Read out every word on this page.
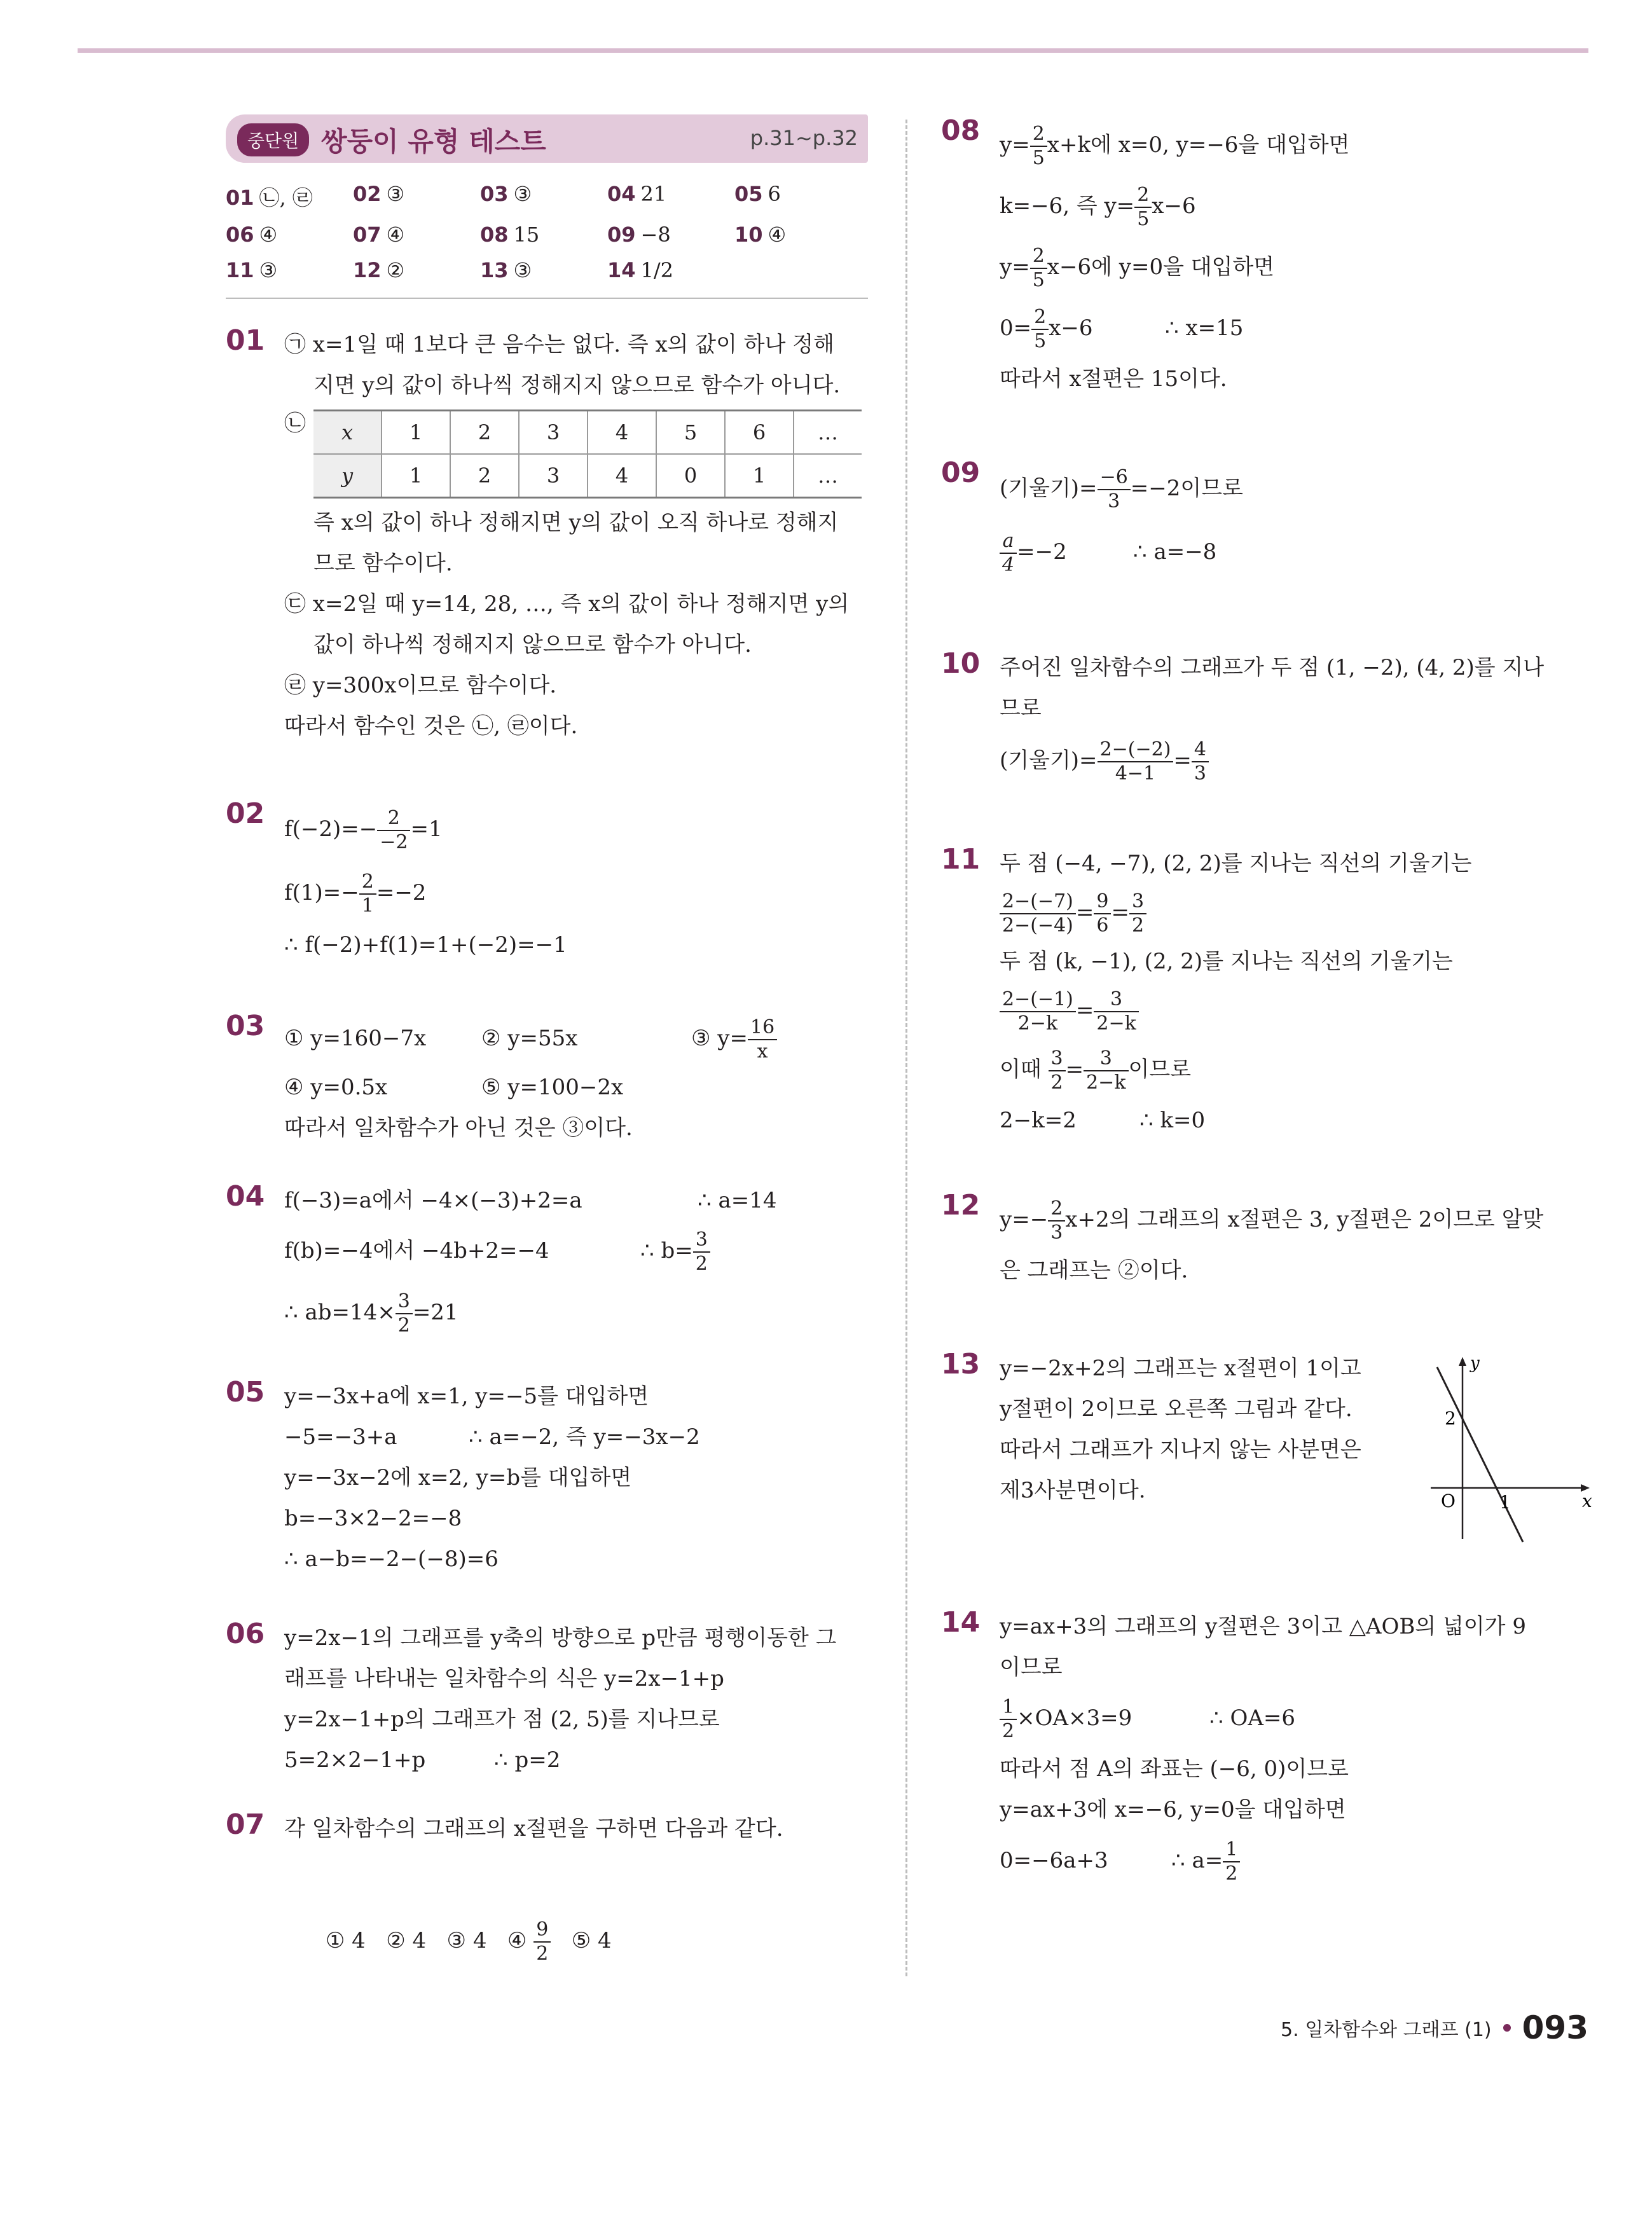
중단원 쌍둥이 유형 테스트	p.31~p.32
01 ㉡, ㉣	02 ③	03 ③	04 21	05 6
06 ④	07 ④	08 15	09 −8	10 ④
11 ③	12 ②	13 ③	14 1/2
01 ㉠ x=1일 때 1보다 큰 음수는 없다. 즉 x의 값이 하나 정해
지면 y의 값이 하나씩 정해지지 않으므로 함수가 아니다.
㉡ x	1	2	3	4	5	6	…
y	1	2	3	4	0	1	…
즉 x의 값이 하나 정해지면 y의 값이 오직 하나로 정해지
므로 함수이다.
㉢ x=2일 때 y=14, 28, …, 즉 x의 값이 하나 정해지면 y의
값이 하나씩 정해지지 않으므로 함수가 아니다.
㉣ y=300x이므로 함수이다.
따라서 함수인 것은 ㉡, ㉣이다.
02 $f(-2)=- \frac{2}{-2} =1$
$f(1)=- \frac{2}{1} =-2$
∴ f(−2)+f(1)=1+(−2)=−1
03 ① y=160−7x	② y=55x	③ $y= \frac{16}{x}$
④ y=0.5x	⑤ y=100−2x
따라서 일차함수가 아닌 것은 ③이다.
04 f(−3)=a에서 −4×(−3)+2=a	∴ a=14
f(b)=−4에서 −4b+2=−4	∴ $b= \frac{3}{2}$
∴ $ab=14\times \frac{3}{2} =21$
05 y=−3x+a에 x=1, y=−5를 대입하면
−5=−3+a	∴ a=−2, 즉 y=−3x−2
y=−3x−2에 x=2, y=b를 대입하면
b=−3×2−2=−8
∴ a−b=−2−(−8)=6
06 y=2x−1의 그래프를 y축의 방향으로 p만큼 평행이동한 그
래프를 나타내는 일차함수의 식은 y=2x−1+p
y=2x−1+p의 그래프가 점 (2, 5)를 지나므로
5=2×2−1+p	∴ p=2
07 각 일차함수의 그래프의 x절편을 구하면 다음과 같다.

① 4   ② 4   ③ 4   ④ $\frac{9}{2}$ ⑤ 4

08 $y= \frac{2}{5} x+k$에 x=0, y=−6을 대입하면
k=−6, 즉 $y= \frac{2}{5} x-6$
$y= \frac{2}{5} x-6$에 y=0을 대입하면
$0= \frac{2}{5} x-6$	∴ x=15
따라서 x절편은 15이다.
09 (기울기)= $\frac{-6}{3} =-2$이므로
$\frac{a}{4} =-2$	∴ a=−8
10 주어진 일차함수의 그래프가 두 점 (1, −2), (4, 2)를 지나
므로
(기울기)= $\frac{2-(-2)}{4-1} = \frac{4}{3}$
11 두 점 (−4, −7), (2, 2)를 지나는 직선의 기울기는
$\frac{2-(-7)}{2-(-4)} = \frac{9}{6} = \frac{3}{2}$
두 점 (k, −1), (2, 2)를 지나는 직선의 기울기는
$\frac{2-(-1)}{2-k} = \frac{3}{2-k}$
이때 $\frac{3}{2} = \frac{3}{2-k}$ 이므로
2−k=2	∴ k=0
12 $y=- \frac{2}{3} x+2$의 그래프의 x절편은 3, y절편은 2이므로 알맞
은 그래프는 ②이다.
13 y=−2x+2의 그래프는 x절편이 1이고
y절편이 2이므로 오른쪽 그림과 같다.
따라서 그래프가 지나지 않는 사분면은
제3사분면이다.
y
x
O
2
1
14 y=ax+3의 그래프의 y절편은 3이고 △AOB의 넓이가 9
이므로
$\frac{1}{2} \times OA\times 3=9$	∴ OA=6
따라서 점 A의 좌표는 (−6, 0)이므로
y=ax+3에 x=−6, y=0을 대입하면
0=−6a+3	∴ $a= \frac{1}{2}$
5. 일차함수와 그래프 (1) 093
